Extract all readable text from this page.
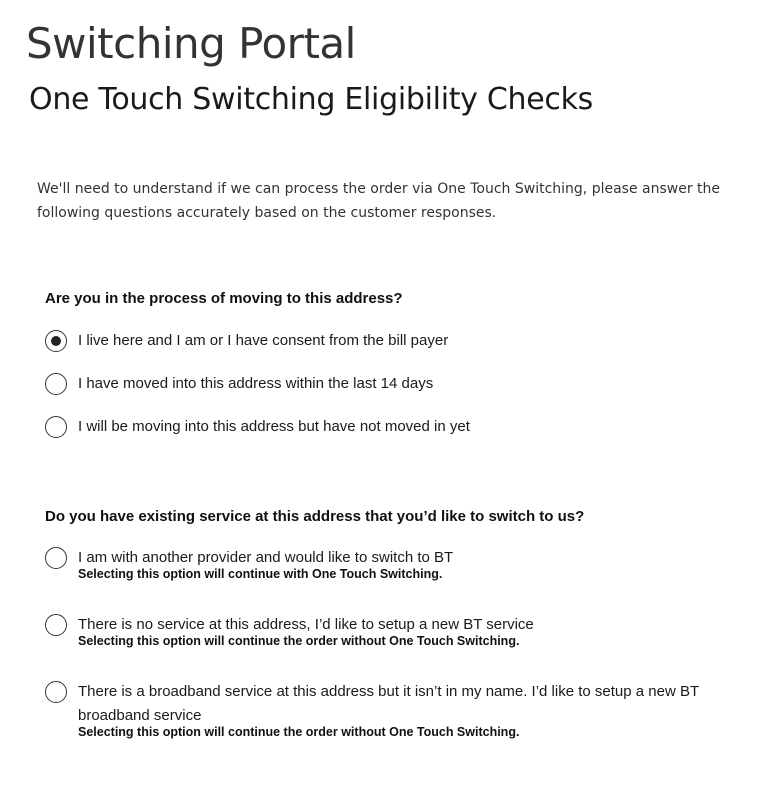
Switching Portal
One Touch Switching Eligibility Checks

We'll need to understand if we can process the order via One Touch Switching, please answer the following questions accurately based on the customer responses.

Are you in the process of moving to this address?

I live here and I am or I have consent from the bill payer
I have moved into this address within the last 14 days
I will be moving into this address but have not moved in yet

Do you have existing service at this address that you’d like to switch to us?

I am with another provider and would like to switch to BT
Selecting this option will continue with One Touch Switching.
There is no service at this address, I’d like to setup a new BT service
Selecting this option will continue the order without One Touch Switching.
There is a broadband service at this address but it isn’t in my name. I’d like to setup a new BT broadband service
Selecting this option will continue the order without One Touch Switching.
